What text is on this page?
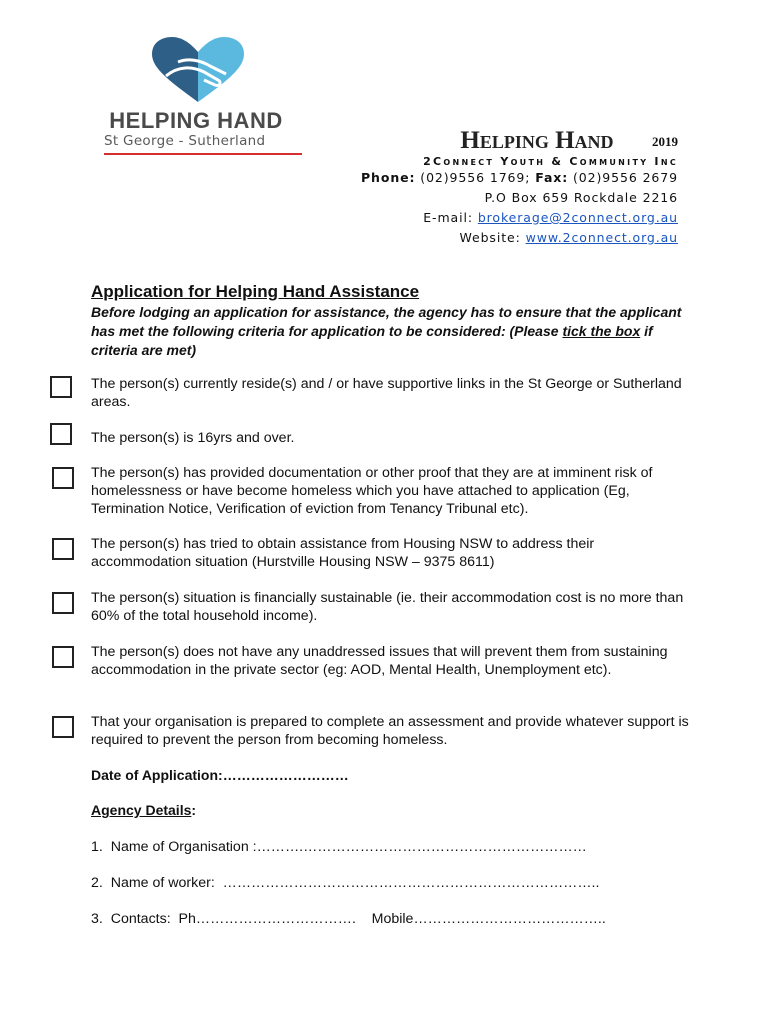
HELPING HAND
St George - Sutherland	Helping Hand	2019
2Connect Youth & Community Inc
Phone: (02)9556 1769; Fax: (02)9556 2679
P.O Box 659 Rockdale 2216
E-mail: brokerage@2connect.org.au
Website: www.2connect.org.au
Application for Helping Hand Assistance
Before lodging an application for assistance, the agency has to ensure that the applicant has met the following criteria for application to be considered: (Please tick the box if criteria are met)
The person(s) currently reside(s) and / or have supportive links in the St George or Sutherland areas.
The person(s) is 16yrs and over.
The person(s) has provided documentation or other proof that they are at imminent risk of homelessness or have become homeless which you have attached to application (Eg, Termination Notice, Verification of eviction from Tenancy Tribunal etc).
The person(s) has tried to obtain assistance from Housing NSW to address their accommodation situation (Hurstville Housing NSW – 9375 8611)
The person(s) situation is financially sustainable (ie. their accommodation cost is no more than 60% of the total household income).
The person(s) does not have any unaddressed issues that will prevent them from sustaining accommodation in the private sector (eg: AOD, Mental Health, Unemployment etc).
That your organisation is prepared to complete an assessment and provide whatever support is required to prevent the person from becoming homeless.
Date of Application:………………………
Agency Details:
1.  Name of Organisation :……….……………………………………………………
2.  Name of worker:  ……………………………………………………………………..
3.  Contacts:  Ph…………………………….    Mobile…………………………………..
